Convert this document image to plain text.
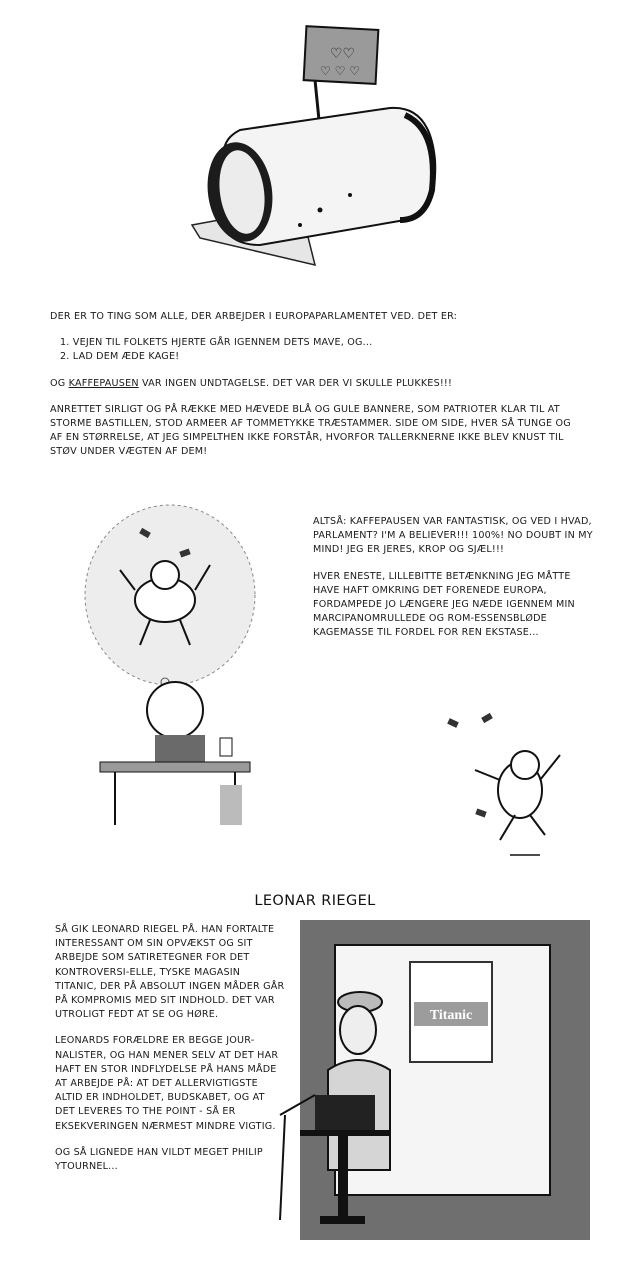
♡♡
♡ ♡ ♡

DER ER TO TING SOM ALLE, DER ARBEJDER I EUROPAPARLAMENTET VED. DET ER:

1. VEJEN TIL FOLKETS HJERTE GÅR IGENNEM DETS MAVE, OG...
2. LAD DEM ÆDE KAGE!

OG KAFFEPAUSEN VAR INGEN UNDTAGELSE. DET VAR DER VI SKULLE PLUKKES!!!

ANRETTET SIRLIGT OG PÅ RÆKKE MED HÆVEDE BLÅ OG GULE BANNERE, SOM PATRIOTER KLAR TIL AT STORME BASTILLEN, STOD ARMEER AF TOMMETYKKE TRÆSTAMMER. SIDE OM SIDE, HVER SÅ TUNGE OG AF EN STØRRELSE, AT JEG SIMPELTHEN IKKE FORSTÅR, HVORFOR TALLERKNERNE IKKE BLEV KNUST TIL STØV UNDER VÆGTEN AF DEM!

ALTSÅ: KAFFEPAUSEN VAR FANTASTISK, OG VED I HVAD, PARLAMENT? I'M A BELIEVER!!! 100%! NO DOUBT IN MY MIND! JEG ER JERES, KROP OG SJÆL!!!

HVER ENESTE, LILLEBITTE BETÆNKNING JEG MÅTTE HAVE HAFT OMKRING DET FORENEDE EUROPA, FORDAMPEDE JO LÆNGERE JEG NÆDE IGENNEM MIN MARCIPANOMRULLEDE OG ROM-ESSENSBLØDE KAGEMASSE TIL FORDEL FOR REN EKSTASE...

LEONAR RIEGEL

SÅ GIK LEONARD RIEGEL PÅ. HAN FORTALTE INTERESSANT OM SIN OPVÆKST OG SIT ARBEJDE SOM SATIRETEGNER FOR DET KONTROVERSI-ELLE, TYSKE MAGASIN TITANIC, DER PÅ ABSOLUT INGEN MÅDER GÅR PÅ KOMPROMIS MED SIT INDHOLD. DET VAR UTROLIGT FEDT AT SE OG HØRE.

LEONARDS FORÆLDRE ER BEGGE JOUR-NALISTER, OG HAN MENER SELV AT DET HAR HAFT EN STOR INDFLYDELSE PÅ HANS MÅDE AT ARBEJDE PÅ: AT DET ALLERVIGTIGSTE ALTID ER INDHOLDET, BUDSKABET, OG AT DET LEVERES TO THE POINT - SÅ ER EKSEKVERINGEN NÆRMEST MINDRE VIGTIG.

OG SÅ LIGNEDE HAN VILDT MEGET PHILIP YTOURNEL...

Titanic
